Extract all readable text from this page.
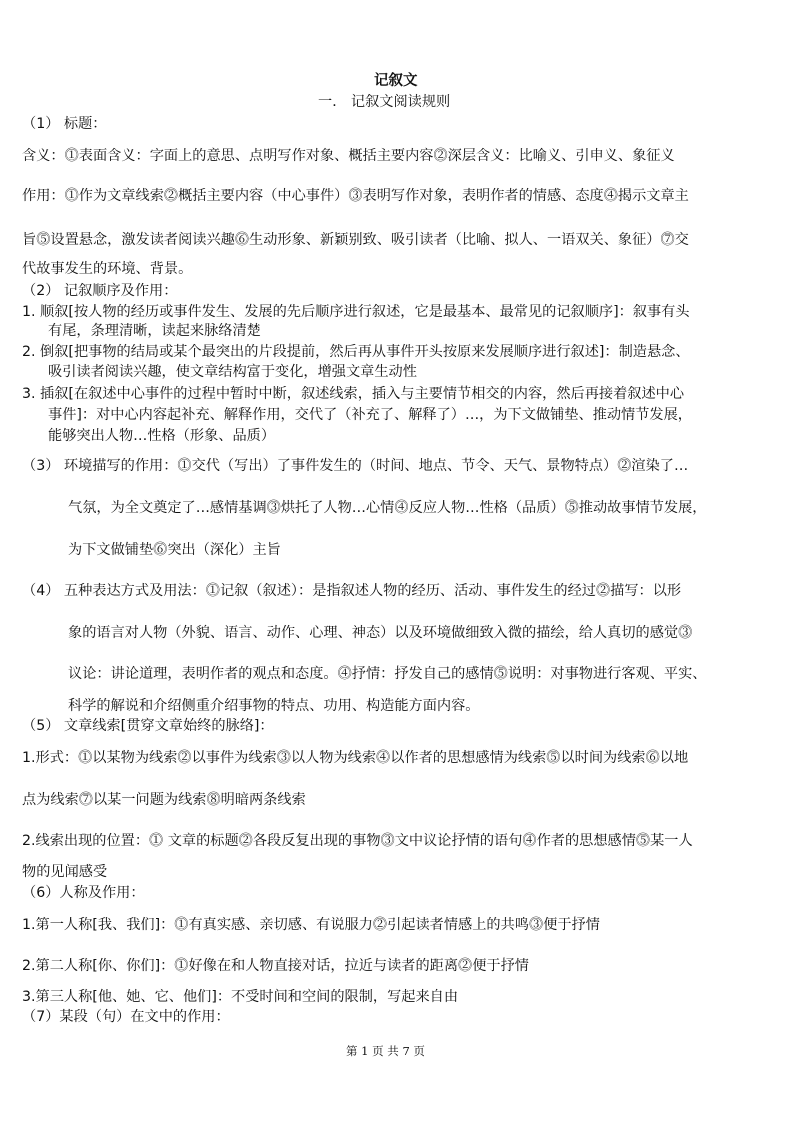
记叙文
一． 记叙文阅读规则
（1） 标题：
含义：⓵表面含义：字面上的意思、点明写作对象、概括主要内容⓶深层含义：比喻义、引申义、象征义
作用：⓵作为文章线索⓶概括主要内容（中心事件）⓷表明写作对象，表明作者的情感、态度⓸揭示文章主
旨⓹设置悬念，激发读者阅读兴趣⓺生动形象、新颖别致、吸引读者（比喻、拟人、一语双关、象征）⓻交
代故事发生的环境、背景。
（2） 记叙顺序及作用：
1. 顺叙[按人物的经历或事件发生、发展的先后顺序进行叙述，它是最基本、最常见的记叙顺序]：叙事有头
有尾，条理清晰，读起来脉络清楚
2. 倒叙[把事物的结局或某个最突出的片段提前，然后再从事件开头按原来发展顺序进行叙述]：制造悬念、
吸引读者阅读兴趣，使文章结构富于变化，增强文章生动性
3. 插叙[在叙述中心事件的过程中暂时中断，叙述线索，插入与主要情节相交的内容，然后再接着叙述中心
事件]：对中心内容起补充、解释作用，交代了（补充了、解释了）…，为下文做铺垫、推动情节发展，
能够突出人物…性格（形象、品质）
（3） 环境描写的作用：⓵交代（写出）了事件发生的（时间、地点、节令、天气、景物特点）⓶渲染了…
气氛，为全文奠定了…感情基调⓷烘托了人物…心情⓸反应人物…性格（品质）⓹推动故事情节发展，
为下文做铺垫⓺突出（深化）主旨
（4） 五种表达方式及用法：⓵记叙（叙述）：是指叙述人物的经历、活动、事件发生的经过⓶描写：以形
象的语言对人物（外貌、语言、动作、心理、神态）以及环境做细致入微的描绘，给人真切的感觉⓷
议论：讲论道理，表明作者的观点和态度。⓸抒情：抒发自己的感情⓹说明：对事物进行客观、平实、
科学的解说和介绍侧重介绍事物的特点、功用、构造能方面内容。
（5） 文章线索[贯穿文章始终的脉络]：
1.形式：⓵以某物为线索⓶以事件为线索⓷以人物为线索⓸以作者的思想感情为线索⓹以时间为线索⓺以地
点为线索⓻以某一问题为线索⓼明暗两条线索
2.线索出现的位置：⓵ 文章的标题⓶各段反复出现的事物⓷文中议论抒情的语句⓸作者的思想感情⓹某一人
物的见闻感受
（6）人称及作用：
1.第一人称[我、我们]：⓵有真实感、亲切感、有说服力⓶引起读者情感上的共鸣⓷便于抒情
2.第二人称[你、你们]：⓵好像在和人物直接对话，拉近与读者的距离⓶便于抒情
3.第三人称[他、她、它、他们]：不受时间和空间的限制，写起来自由
（7）某段（句）在文中的作用：
第 1 页 共 7 页
